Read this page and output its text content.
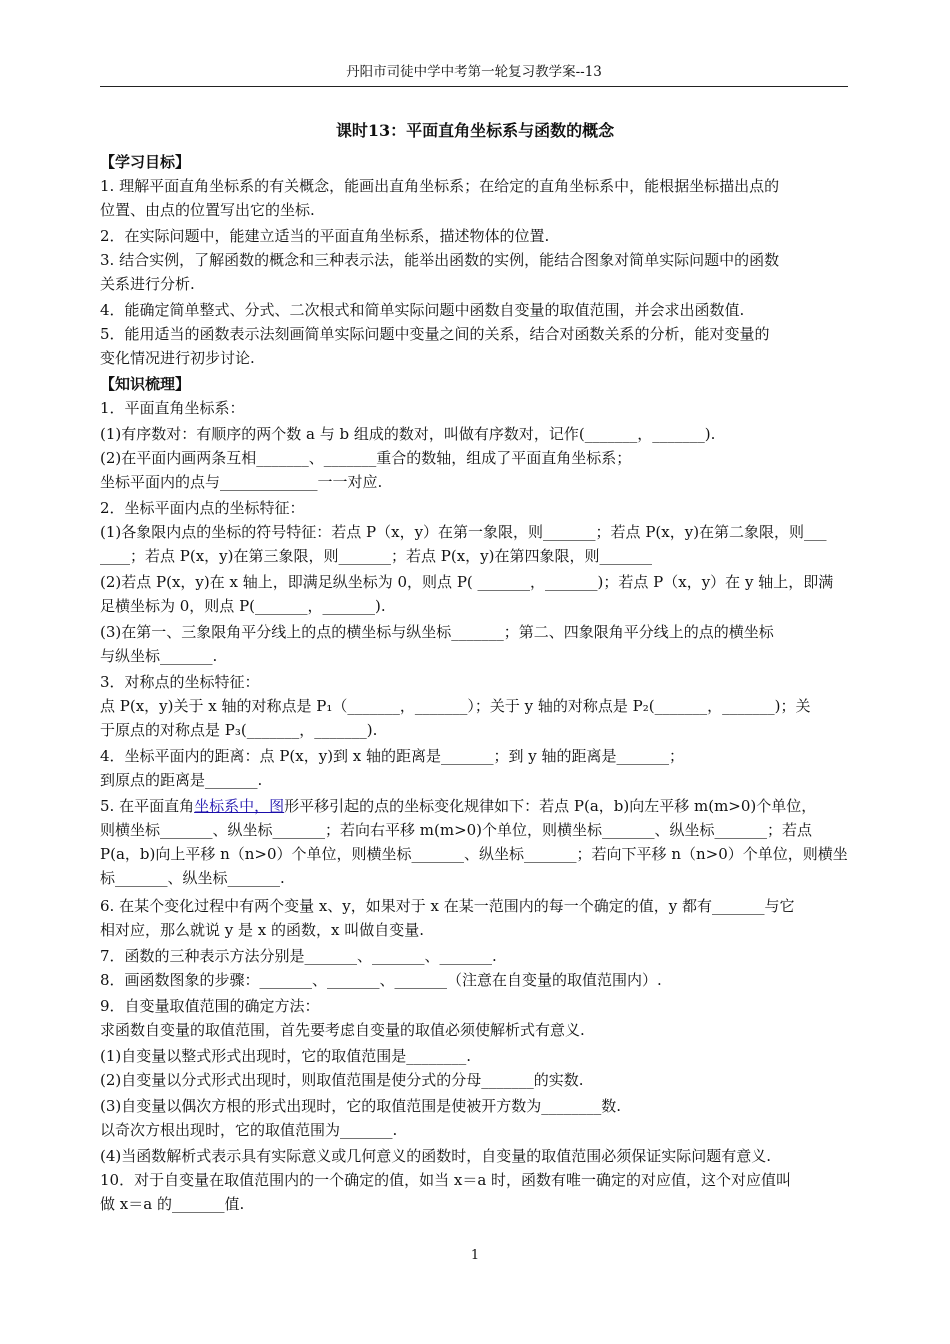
丹阳市司徒中学中考第一轮复习教学案--13
课时13：平面直角坐标系与函数的概念
【学习目标】
1. 理解平面直角坐标系的有关概念，能画出直角坐标系；在给定的直角坐标系中，能根据坐标描出点的
位置、由点的位置写出它的坐标.
2．在实际问题中，能建立适当的平面直角坐标系，描述物体的位置.
3. 结合实例，了解函数的概念和三种表示法，能举出函数的实例，能结合图象对简单实际问题中的函数
关系进行分析.
4．能确定简单整式、分式、二次根式和简单实际问题中函数自变量的取值范围，并会求出函数值.
5．能用适当的函数表示法刻画简单实际问题中变量之间的关系，结合对函数关系的分析，能对变量的
变化情况进行初步讨论.
【知识梳理】
1．平面直角坐标系：
(1)有序数对：有顺序的两个数 a 与 b 组成的数对，叫做有序数对，记作(_______，_______).
(2)在平面内画两条互相_______、_______重合的数轴，组成了平面直角坐标系；
坐标平面内的点与_____________一一对应.
2．坐标平面内点的坐标特征：
(1)各象限内点的坐标的符号特征：若点 P（x，y）在第一象限，则_______；若点 P(x，y)在第二象限，则___
____；若点 P(x，y)在第三象限，则_______；若点 P(x，y)在第四象限，则_______
(2)若点 P(x，y)在 x 轴上，即满足纵坐标为 0，则点 P( _______，_______)；若点 P（x，y）在 y 轴上，即满
足横坐标为 0，则点 P(_______，_______).
(3)在第一、三象限角平分线上的点的横坐标与纵坐标_______；第二、四象限角平分线上的点的横坐标
与纵坐标_______.
3．对称点的坐标特征：
点 P(x，y)关于 x 轴的对称点是 P₁（_______，_______）；关于 y 轴的对称点是 P₂(_______，_______)；关
于原点的对称点是 P₃(_______，_______).
4．坐标平面内的距离：点 P(x，y)到 x 轴的距离是_______；到 y 轴的距离是_______；
到原点的距离是_______.
5. 在平面直角坐标系中，图形平移引起的点的坐标变化规律如下：若点 P(a，b)向左平移 m(m>0)个单位，
则横坐标_______、纵坐标_______；若向右平移 m(m>0)个单位，则横坐标_______、纵坐标_______；若点
P(a，b)向上平移 n（n>0）个单位，则横坐标_______、纵坐标_______；若向下平移 n（n>0）个单位，则横坐
标_______、纵坐标_______.
6. 在某个变化过程中有两个变量 x、y，如果对于 x 在某一范围内的每一个确定的值，y 都有_______与它
相对应，那么就说 y 是 x 的函数，x 叫做自变量.
7．函数的三种表示方法分别是_______、_______、_______.
8．画函数图象的步骤：_______、_______、_______（注意在自变量的取值范围内）.
9．自变量取值范围的确定方法：
求函数自变量的取值范围，首先要考虑自变量的取值必须使解析式有意义.
(1)自变量以整式形式出现时，它的取值范围是________.
(2)自变量以分式形式出现时，则取值范围是使分式的分母_______的实数.
(3)自变量以偶次方根的形式出现时，它的取值范围是使被开方数为________数.
以奇次方根出现时，它的取值范围为_______.
(4)当函数解析式表示具有实际意义或几何意义的函数时，自变量的取值范围必须保证实际问题有意义.
10．对于自变量在取值范围内的一个确定的值，如当 x＝a 时，函数有唯一确定的对应值，这个对应值叫
做 x＝a 的_______值.
1
